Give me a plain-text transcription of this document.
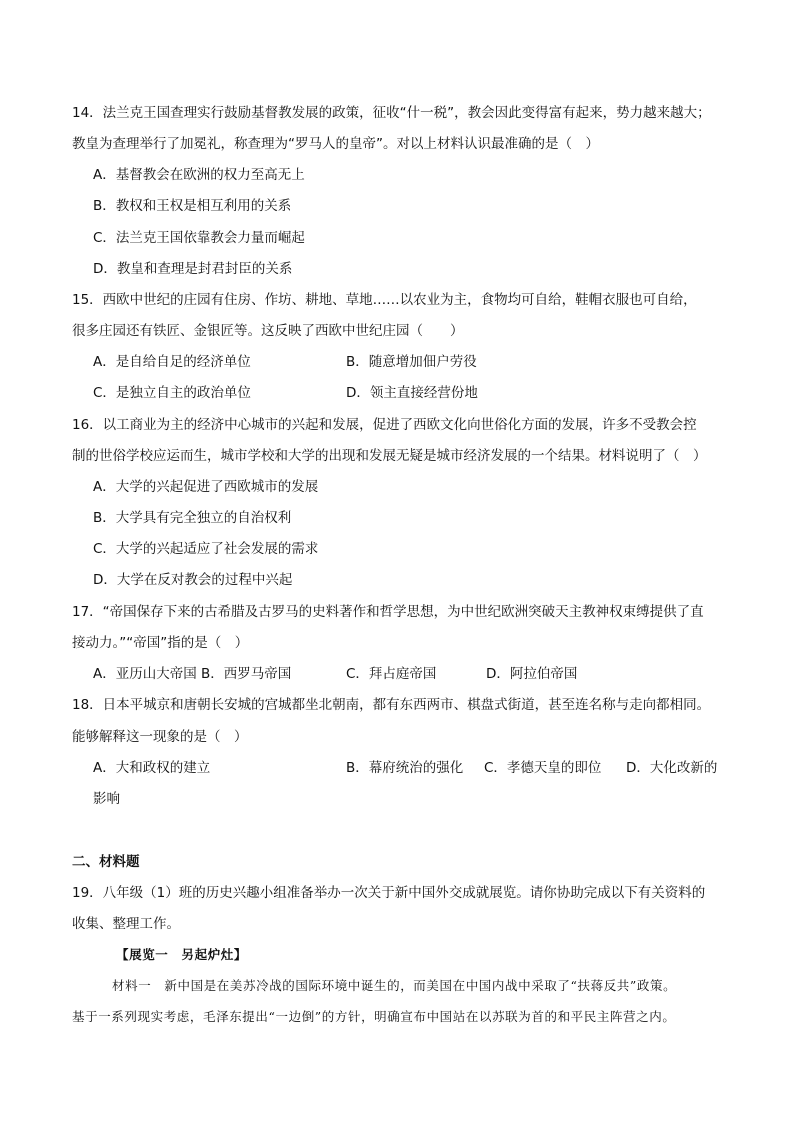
14．法兰克王国查理实行鼓励基督教发展的政策，征收“什一税”，教会因此变得富有起来，势力越来越大；
教皇为查理举行了加冕礼，称查理为“罗马人的皇帝”。对以上材料认识最准确的是（　）
A．基督教会在欧洲的权力至高无上
B．教权和王权是相互利用的关系
C．法兰克王国依靠教会力量而崛起
D．教皇和查理是封君封臣的关系
15．西欧中世纪的庄园有住房、作坊、耕地、草地……以农业为主，食物均可自给，鞋帽衣服也可自给，
很多庄园还有铁匠、金银匠等。这反映了西欧中世纪庄园（　　）
A．是自给自足的经济单位	B．随意增加佃户劳役
C．是独立自主的政治单位	D．领主直接经营份地
16．以工商业为主的经济中心城市的兴起和发展，促进了西欧文化向世俗化方面的发展，许多不受教会控
制的世俗学校应运而生，城市学校和大学的出现和发展无疑是城市经济发展的一个结果。材料说明了（　）
A．大学的兴起促进了西欧城市的发展
B．大学具有完全独立的自治权利
C．大学的兴起适应了社会发展的需求
D．大学在反对教会的过程中兴起
17．“帝国保存下来的古希腊及古罗马的史料著作和哲学思想，为中世纪欧洲突破天主教神权束缚提供了直
接动力。”“帝国”指的是（　）
A．亚历山大帝国 B．西罗马帝国	C．拜占庭帝国	D．阿拉伯帝国
18．日本平城京和唐朝长安城的宫城都坐北朝南，都有东西两市、棋盘式街道，甚至连名称与走向都相同。
能够解释这一现象的是（　）
A．大和政权的建立	B．幕府统治的强化 C．孝德天皇的即位 D．大化改新的
影响
二、材料题
19．八年级（1）班的历史兴趣小组准备举办一次关于新中国外交成就展览。请你协助完成以下有关资料的
收集、整理工作。
【展览一　另起炉灶】
材料一　新中国是在美苏冷战的国际环境中诞生的，而美国在中国内战中采取了“扶蒋反共”政策。
基于一系列现实考虑，毛泽东提出“一边倒”的方针，明确宣布中国站在以苏联为首的和平民主阵营之内。
